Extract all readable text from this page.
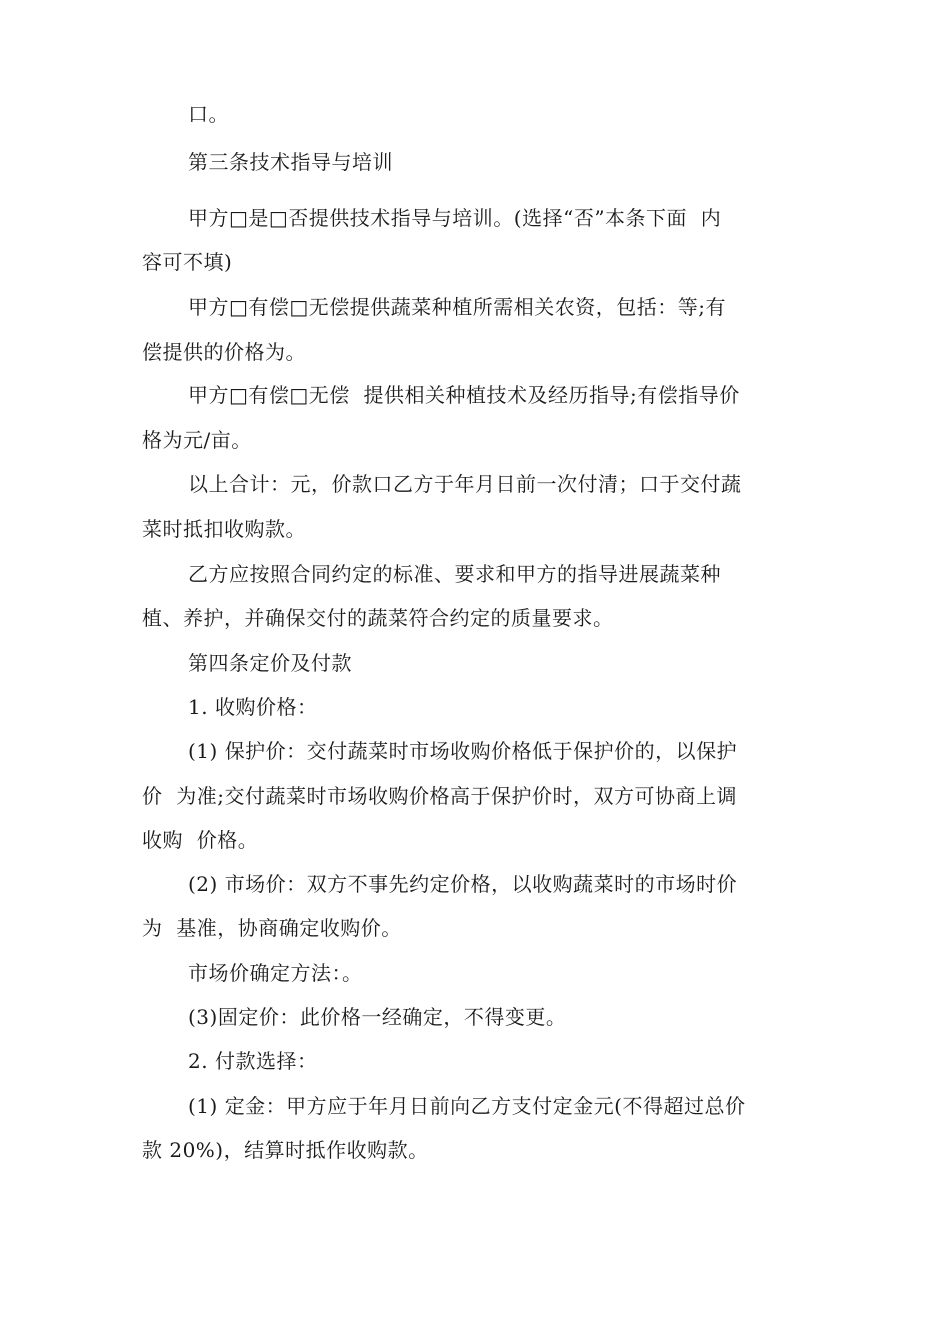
口。
第三条技术指导与培训
甲方□是□否提供技术指导与培训。(选择“否”本条下面  内
容可不填)
甲方□有偿□无偿提供蔬菜种植所需相关农资，包括：等;有
偿提供的价格为。
甲方□有偿□无偿  提供相关种植技术及经历指导;有偿指导价
格为元/亩。
以上合计：元，价款口乙方于年月日前一次付清；口于交付蔬
菜时抵扣收购款。
乙方应按照合同约定的标准、要求和甲方的指导进展蔬菜种
植、养护，并确保交付的蔬菜符合约定的质量要求。
第四条定价及付款
1. 收购价格：
(1) 保护价：交付蔬菜时市场收购价格低于保护价的，以保护
价  为准;交付蔬菜时市场收购价格高于保护价时，双方可协商上调
收购  价格。
(2) 市场价：双方不事先约定价格，以收购蔬菜时的市场时价
为  基准，协商确定收购价。
市场价确定方法：。
(3)固定价：此价格一经确定，不得变更。
2. 付款选择：
(1) 定金：甲方应于年月日前向乙方支付定金元(不得超过总价
款 20%)，结算时抵作收购款。
